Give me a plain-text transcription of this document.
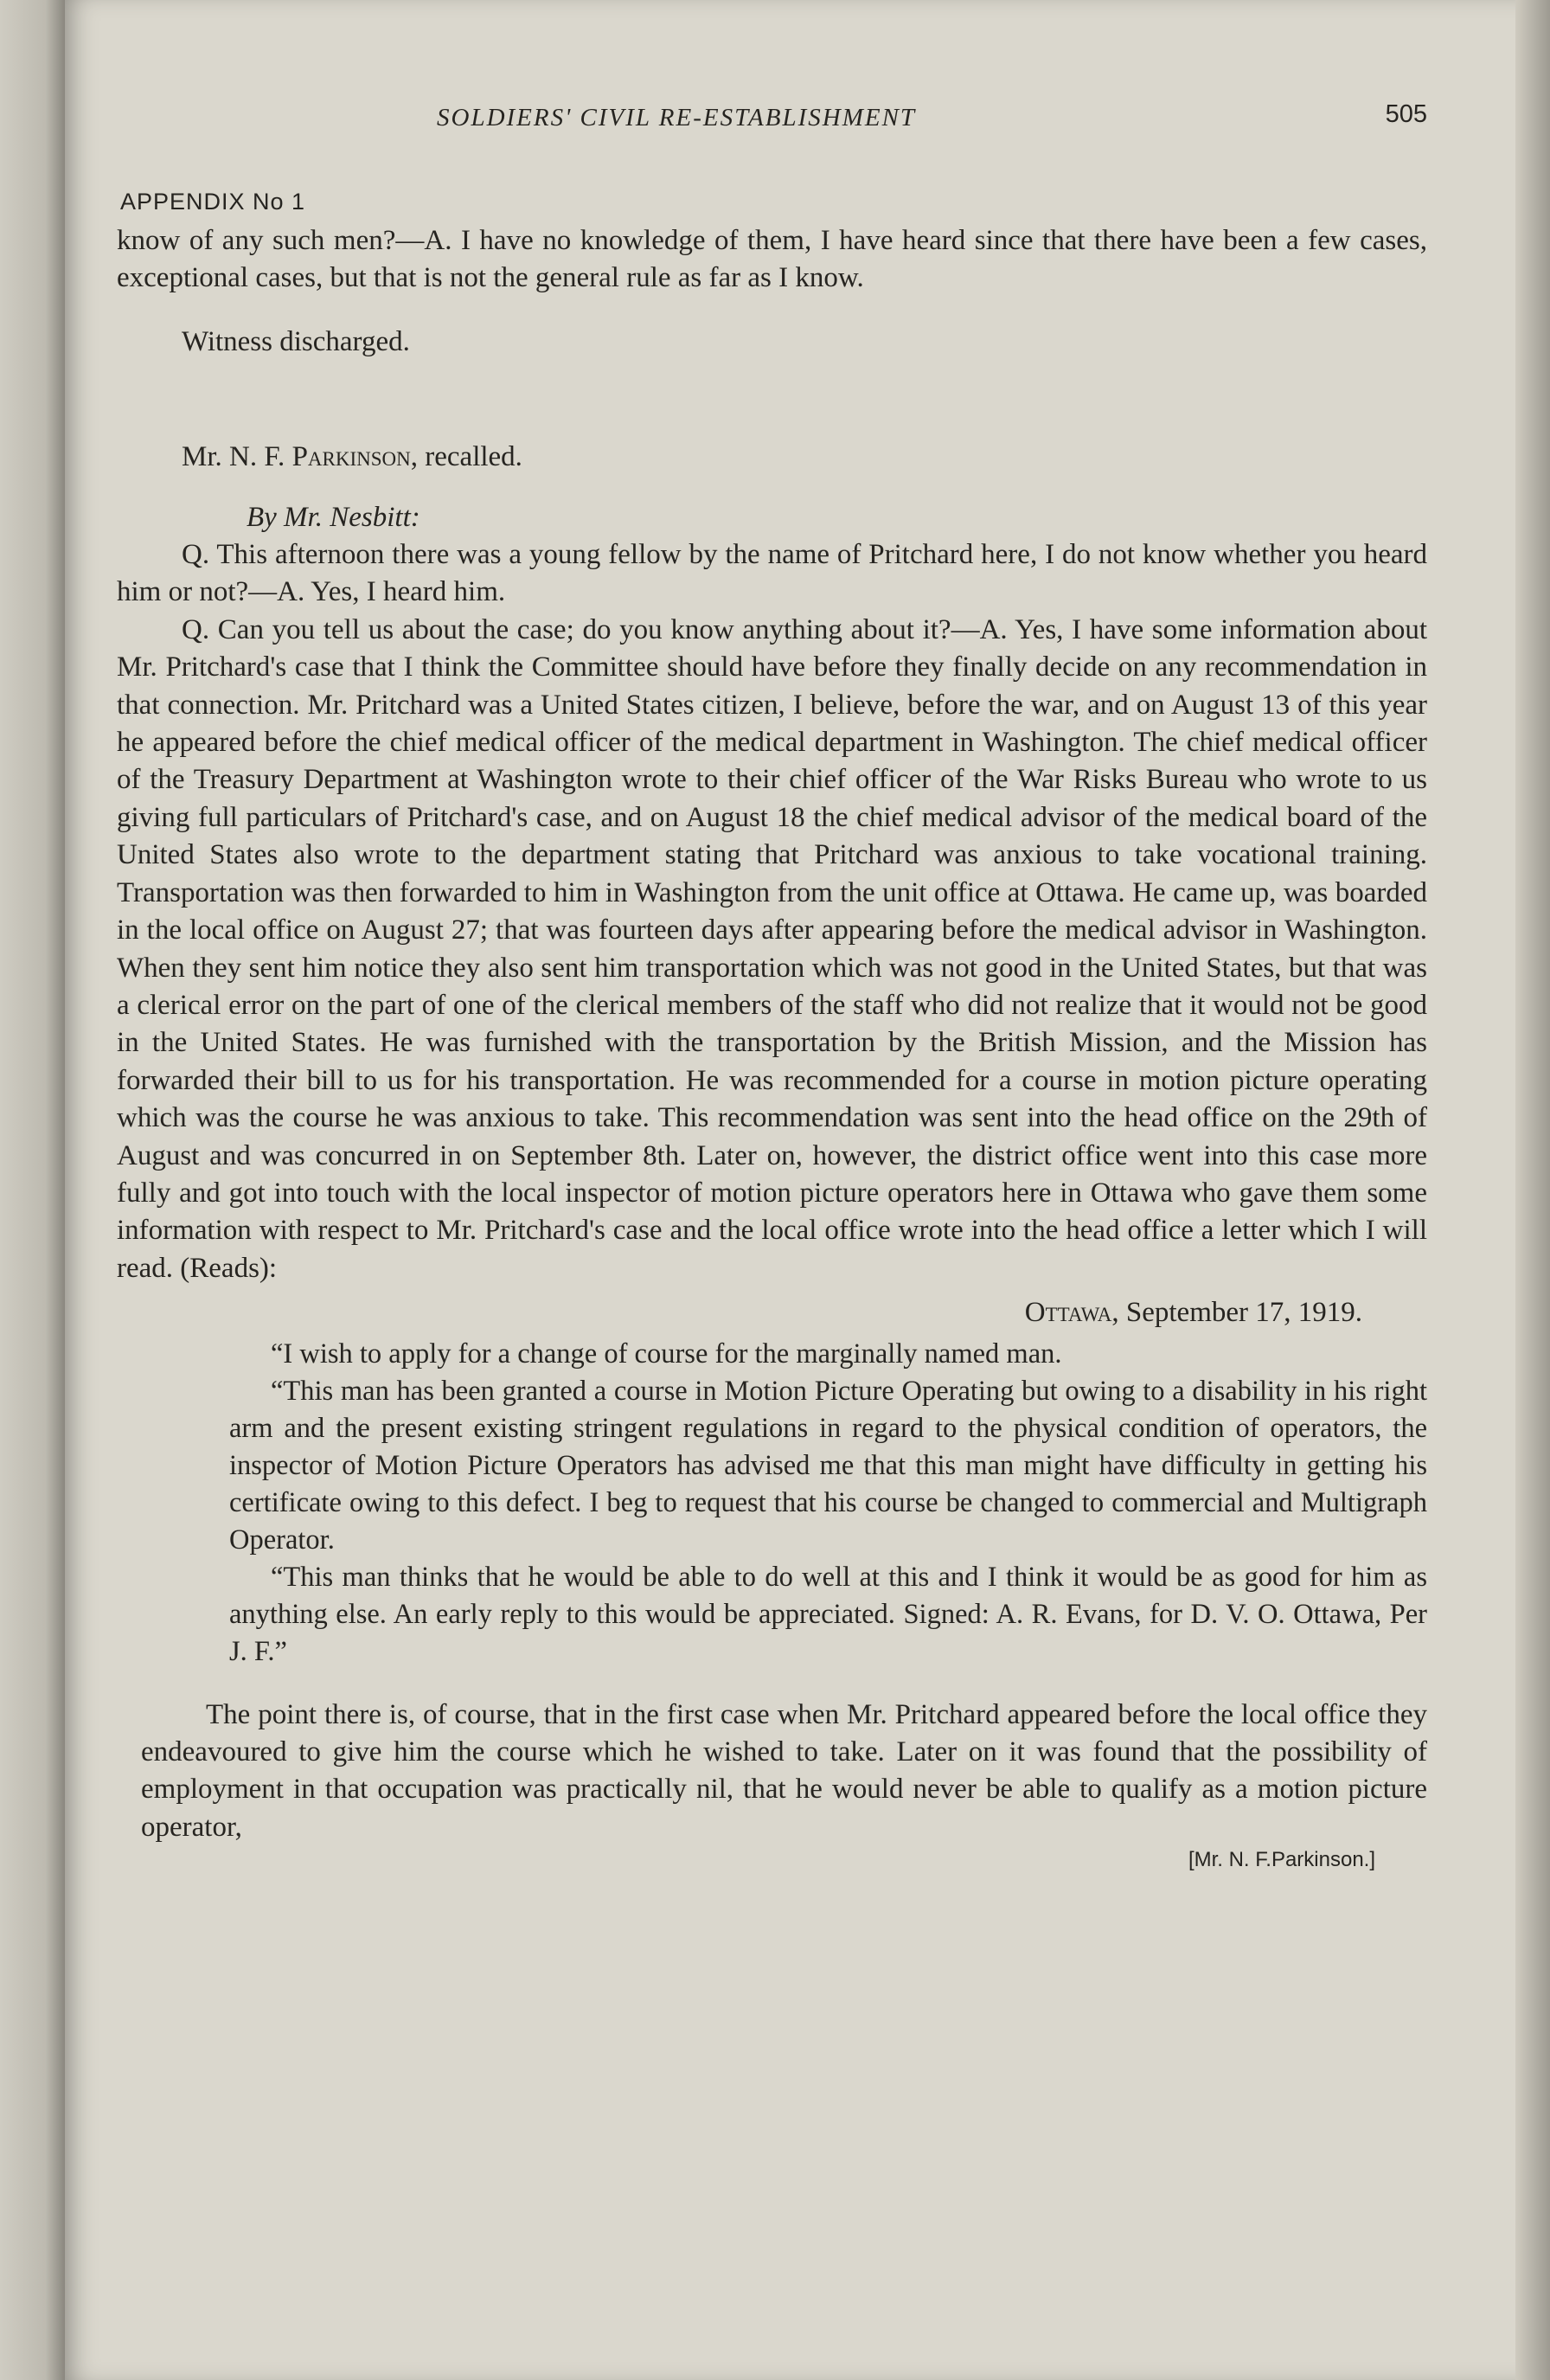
SOLDIERS' CIVIL RE-ESTABLISHMENT	505
APPENDIX No 1

know of any such men?—A. I have no knowledge of them, I have heard since that there have been a few cases, exceptional cases, but that is not the general rule as far as I know.

Witness discharged.

Mr. N. F. Parkinson, recalled.

By Mr. Nesbitt:

Q. This afternoon there was a young fellow by the name of Pritchard here, I do not know whether you heard him or not?—A. Yes, I heard him.

Q. Can you tell us about the case; do you know anything about it?—A. Yes, I have some information about Mr. Pritchard's case that I think the Committee should have before they finally decide on any recommendation in that connection. Mr. Pritchard was a United States citizen, I believe, before the war, and on August 13 of this year he appeared before the chief medical officer of the medical department in Washington. The chief medical officer of the Treasury Department at Washington wrote to their chief officer of the War Risks Bureau who wrote to us giving full particulars of Pritchard's case, and on August 18 the chief medical advisor of the medical board of the United States also wrote to the department stating that Pritchard was anxious to take vocational training. Transportation was then forwarded to him in Washington from the unit office at Ottawa. He came up, was boarded in the local office on August 27; that was fourteen days after appearing before the medical advisor in Washington. When they sent him notice they also sent him transportation which was not good in the United States, but that was a clerical error on the part of one of the clerical members of the staff who did not realize that it would not be good in the United States. He was furnished with the transportation by the British Mission, and the Mission has forwarded their bill to us for his transportation. He was recommended for a course in motion picture operating which was the course he was anxious to take. This recommendation was sent into the head office on the 29th of August and was concurred in on September 8th. Later on, however, the district office went into this case more fully and got into touch with the local inspector of motion picture operators here in Ottawa who gave them some information with respect to Mr. Pritchard's case and the local office wrote into the head office a letter which I will read. (Reads):

Ottawa, September 17, 1919.

“I wish to apply for a change of course for the marginally named man.

“This man has been granted a course in Motion Picture Operating but owing to a disability in his right arm and the present existing stringent regulations in regard to the physical condition of operators, the inspector of Motion Picture Operators has advised me that this man might have difficulty in getting his certificate owing to this defect. I beg to request that his course be changed to commercial and Multigraph Operator.

“This man thinks that he would be able to do well at this and I think it would be as good for him as anything else. An early reply to this would be appreciated. Signed: A. R. Evans, for D. V. O. Ottawa, Per J. F.”

The point there is, of course, that in the first case when Mr. Pritchard appeared before the local office they endeavoured to give him the course which he wished to take. Later on it was found that the possibility of employment in that occupation was practically nil, that he would never be able to qualify as a motion picture operator,

[Mr. N. F.Parkinson.]
